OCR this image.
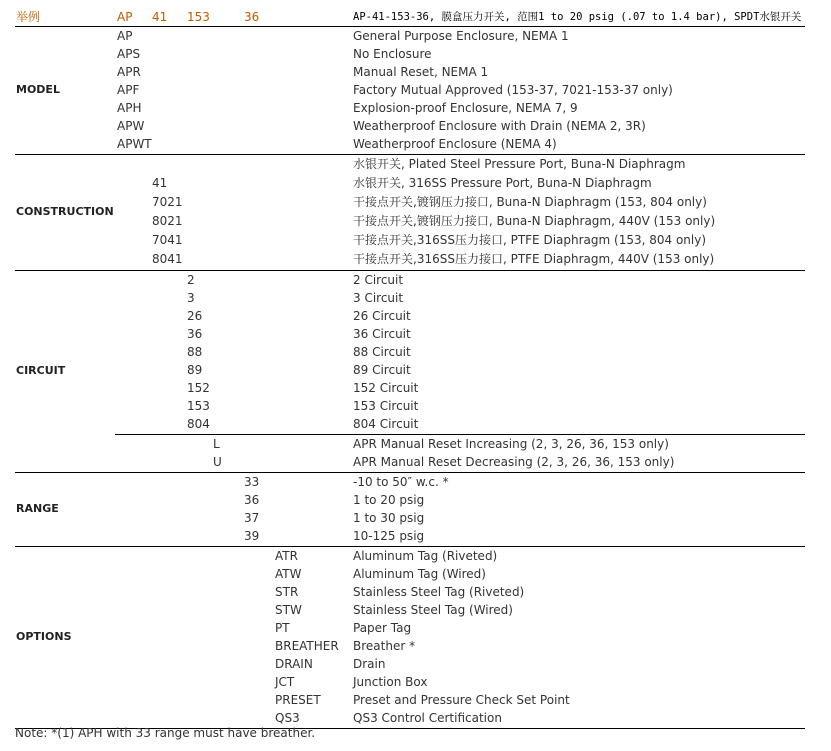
举例	AP 41 153	36	AP-41-153-36, 膜盒压力开关, 范围1 to 20 psig (.07 to 1.4 bar), SPDT水银开关
AP	General Purpose Enclosure, NEMA 1
APS	No Enclosure
APR	Manual Reset, NEMA 1
APF	Factory Mutual Approved (153-37, 7021-153-37 only)
APH	Explosion-proof Enclosure, NEMA 7, 9
APW	Weatherproof Enclosure with Drain (NEMA 2, 3R)
APWT	Weatherproof Enclosure (NEMA 4)
MODEL
水银开关, Plated Steel Pressure Port, Buna-N Diaphragm
41	水银开关, 316SS Pressure Port, Buna-N Diaphragm
7021	干接点开关,镀钢压力接口, Buna-N Diaphragm (153, 804 only)
8021	干接点开关,镀钢压力接口, Buna-N Diaphragm, 440V (153 only)
7041	干接点开关,316SS压力接口, PTFE Diaphragm (153, 804 only)
8041	干接点开关,316SS压力接口, PTFE Diaphragm, 440V (153 only)
CONSTRUCTION
2	2 Circuit
3	3 Circuit
26	26 Circuit
36	36 Circuit
88	88 Circuit
89	89 Circuit
152	152 Circuit
153	153 Circuit
804	804 Circuit
L	APR Manual Reset Increasing (2, 3, 26, 36, 153 only)
U	APR Manual Reset Decreasing (2, 3, 26, 36, 153 only)
CIRCUIT
33	-10 to 50″ w.c. *
36	1 to 20 psig
37	1 to 30 psig
39	10-125 psig
RANGE
ATR	Aluminum Tag (Riveted)
ATW	Aluminum Tag (Wired)
STR	Stainless Steel Tag (Riveted)
STW	Stainless Steel Tag (Wired)
PT	Paper Tag
BREATHER Breather *
DRAIN	Drain
JCT	Junction Box
PRESET	Preset and Pressure Check Set Point
QS3	QS3 Control Certification
OPTIONS
Note: *(1) APH with 33 range must have breather.
